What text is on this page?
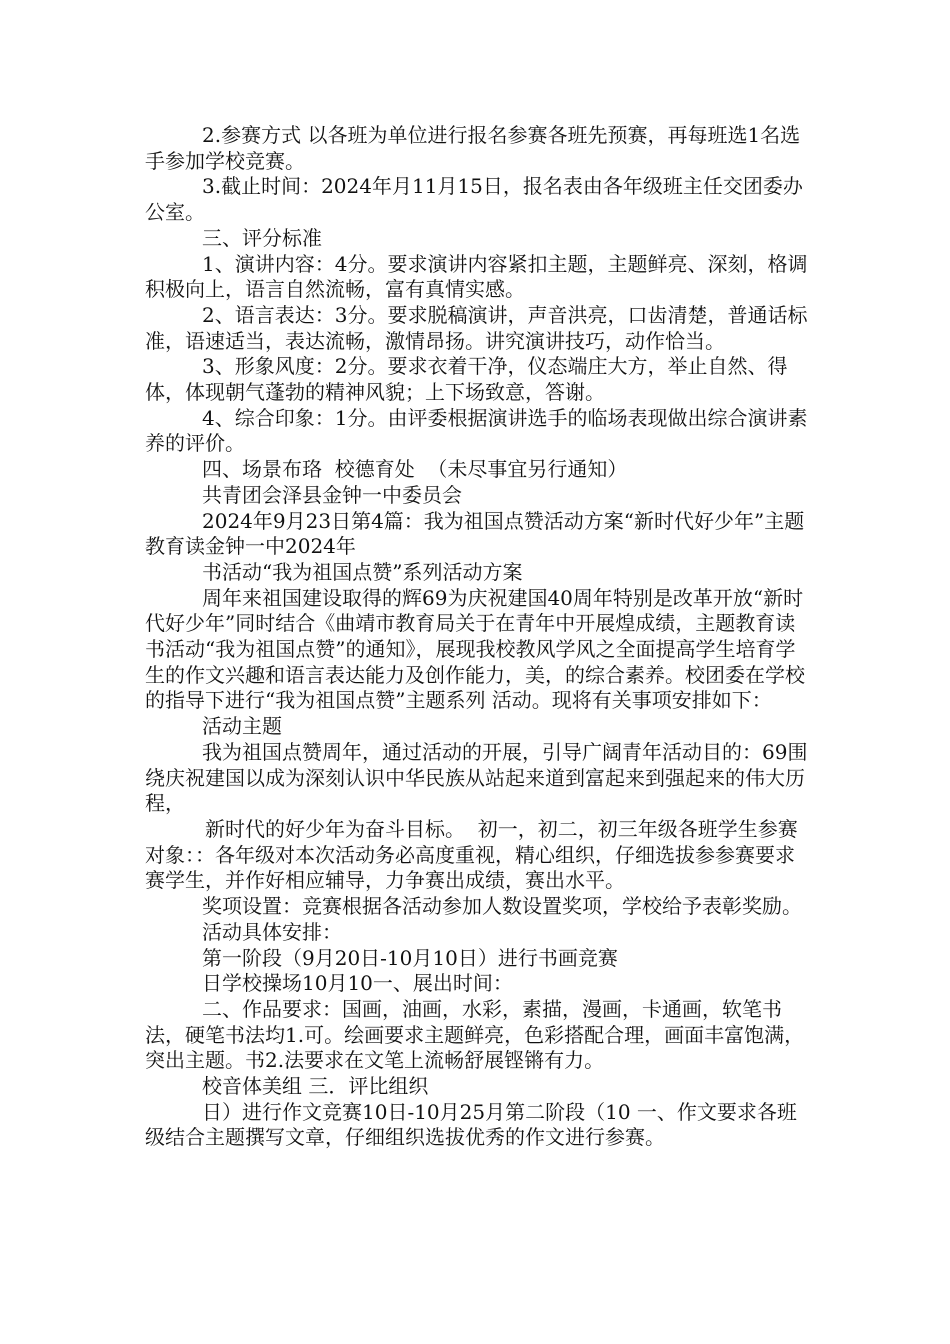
2.参赛方式 以各班为单位进行报名参赛各班先预赛，再每班选1名选手参加学校竞赛。

3.截止时间：2024年月11月15日，报名表由各年级班主任交团委办公室。

三、评分标准

1、演讲内容：4分。要求演讲内容紧扣主题，主题鲜亮、深刻，格调积极向上，语言自然流畅，富有真情实感。

2、语言表达：3分。要求脱稿演讲，声音洪亮，口齿清楚，普通话标准，语速适当，表达流畅，激情昂扬。讲究演讲技巧，动作恰当。

3、形象风度：2分。要求衣着干净，仪态端庄大方，举止自然、得体，体现朝气蓬勃的精神风貌；上下场致意，答谢。

4、综合印象：1分。由评委根据演讲选手的临场表现做出综合演讲素养的评价。

四、场景布珞  校德育处  （未尽事宜另行通知）

共青团会泽县金钟一中委员会

2024年9月23日第4篇：我为祖国点赞活动方案“新时代好少年”主题教育读金钟一中2024年

书活动“我为祖国点赞”系列活动方案

周年来祖国建设取得的辉69为庆祝建国40周年特别是改革开放“新时代好少年”同时结合《曲靖市教育局关于在青年中开展煌成绩，主题教育读书活动“我为祖国点赞”的通知》，展现我校教风学风之全面提高学生培育学生的作文兴趣和语言表达能力及创作能力，美，的综合素养。校团委在学校的指导下进行“我为祖国点赞”主题系列 活动。现将有关事项安排如下：

活动主题

我为祖国点赞周年，通过活动的开展，引导广阔青年活动目的：69围绕庆祝建国以成为深刻认识中华民族从站起来道到富起来到强起来的伟大历程，

新时代的好少年为奋斗目标。  初一，初二，初三年级各班学生参赛对象：：各年级对本次活动务必高度重视，精心组织，仔细选拔参参赛要求 赛学生，并作好相应辅导，力争赛出成绩，赛出水平。

奖项设置：竞赛根据各活动参加人数设置奖项，学校给予表彰奖励。

活动具体安排：

第一阶段（9月20日-10月10日）进行书画竞赛

日学校操场10月10一、展出时间：

二、作品要求：国画，油画，水彩，素描，漫画，卡通画，软笔书法，硬笔书法均1.可。绘画要求主题鲜亮，色彩搭配合理，画面丰富饱满，突出主题。书2.法要求在文笔上流畅舒展铿锵有力。

校音体美组 三．评比组织

日）进行作文竞赛10日-10月25月第二阶段（10 一、作文要求各班级结合主题撰写文章，仔细组织选拔优秀的作文进行参赛。
